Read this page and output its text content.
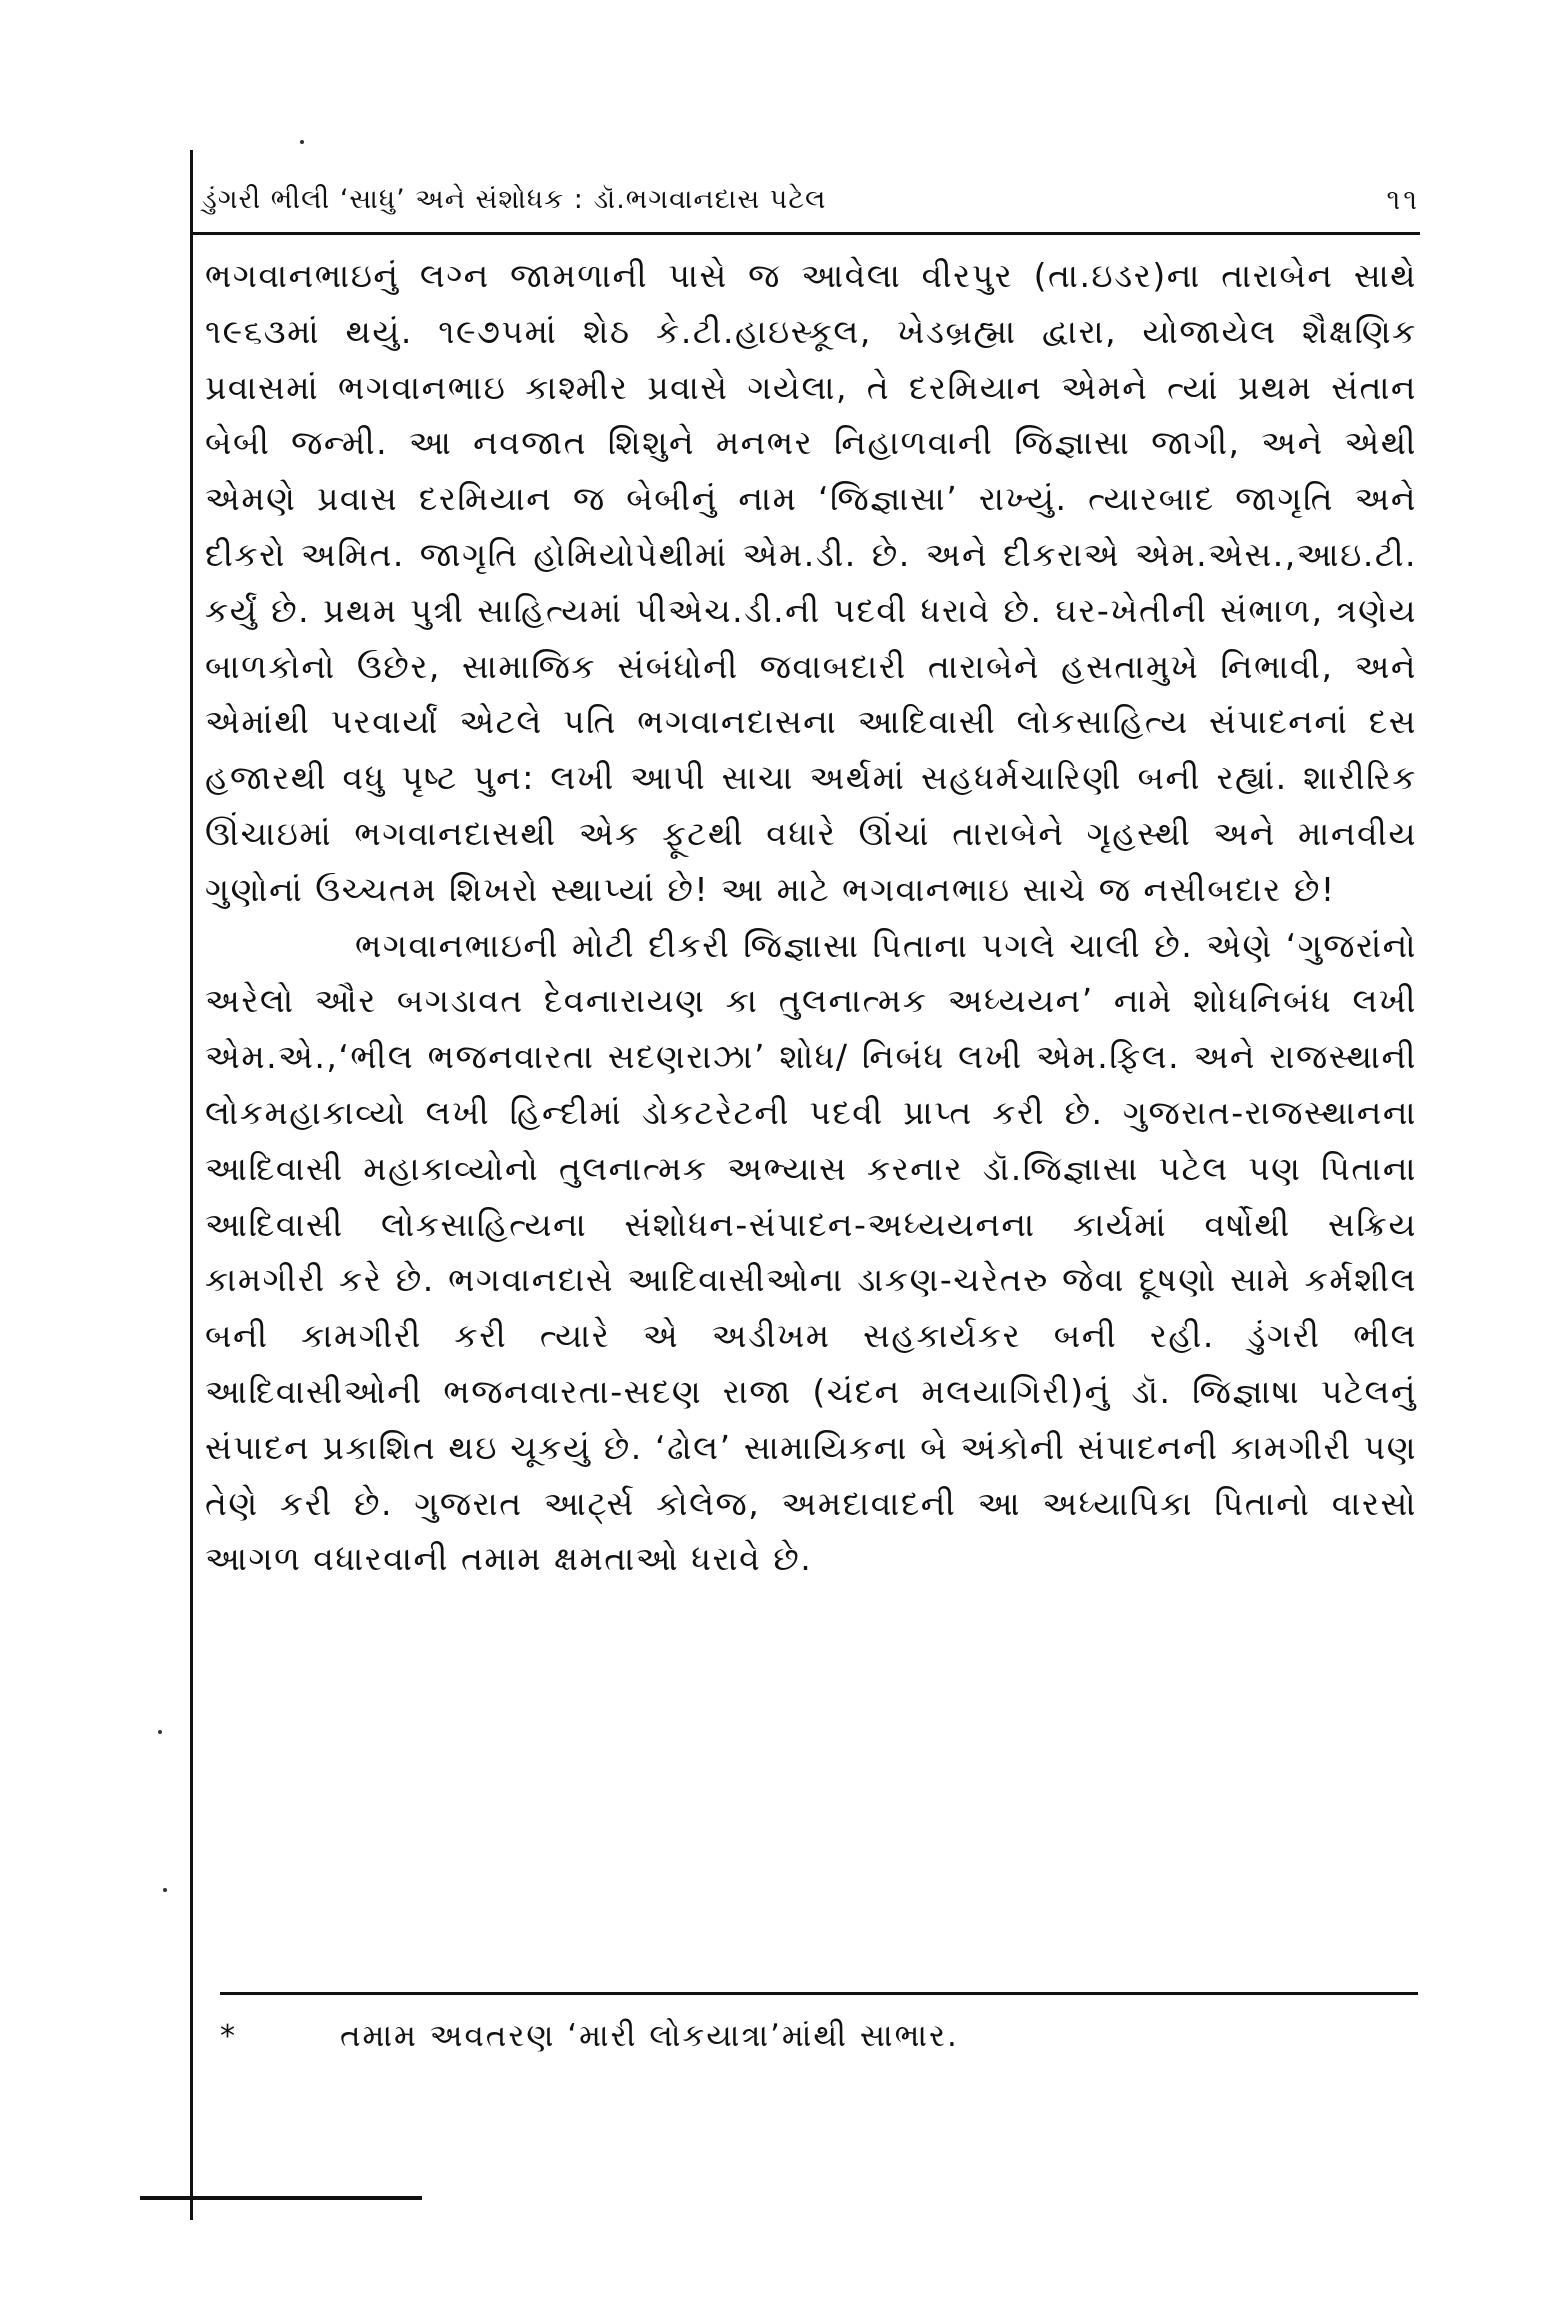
ડુંગરી ભીલી ‘સાધુ’ અને સંશોધક : ડૉ.ભગવાનદાસ પટેલ	૧૧

ભગવાનભાઇનું લગ્ન જામળાની પાસે જ આવેલા વીરપુર (તા.ઇડર)ના તારાબેન સાથે ૧૯૬૩માં થયું. ૧૯૭૫માં શેઠ કે.ટી.હાઇસ્કૂલ, ખેડબ્રહ્મા દ્વારા, યોજાયેલ શૈક્ષણિક પ્રવાસમાં ભગવાનભાઇ કાશ્મીર પ્રવાસે ગયેલા, તે દરમિયાન એમને ત્યાં પ્રથમ સંતાન બેબી જન્મી. આ નવજાત શિશુને મનભર નિહાળવાની જિજ્ઞાસા જાગી, અને એથી એમણે પ્રવાસ દરમિયાન જ બેબીનું નામ ‘જિજ્ઞાસા’ રાખ્યું. ત્યારબાદ જાગૃતિ અને દીકરો અમિત. જાગૃતિ હોમિયોપેથીમાં એમ.ડી. છે. અને દીકરાએ એમ.એસ.,આઇ.ટી. કર્યું છે. પ્રથમ પુત્રી સાહિત્યમાં પીએચ.ડી.ની પદવી ધરાવે છે. ઘર-ખેતીની સંભાળ, ત્રણેય બાળકોનો ઉછેર, સામાજિક સંબંધોની જવાબદારી તારાબેને હસતામુખે નિભાવી, અને એમાંથી પરવાર્યાં એટલે પતિ ભગવાનદાસના આદિવાસી લોકસાહિત્ય સંપાદનનાં દસ હજારથી વધુ પૃષ્ટ પુન: લખી આપી સાચા અર્થમાં સહધર્મચારિણી બની રહ્યાં. શારીરિક ઊંચાઇમાં ભગવાનદાસથી એક ફૂટથી વધારે ઊંચાં તારાબેને ગૃહસ્થી અને માનવીય ગુણોનાં ઉચ્ચતમ શિખરો સ્થાપ્યાં છે! આ માટે ભગવાનભાઇ સાચે જ નસીબદાર છે!

ભગવાનભાઇની મોટી દીકરી જિજ્ઞાસા પિતાના પગલે ચાલી છે. એણે ‘ગુજરાંનો અરેલો ઔર બગડાવત દેવનારાયણ કા તુલનાત્મક અધ્યયન’ નામે શોધનિબંધ લખી એમ.એ.,‘ભીલ ભજનવારતા સદણરાઝા’ શોધ/ નિબંધ લખી એમ.ફિલ. અને રાજસ્થાની લોકમહાકાવ્યો લખી હિન્દીમાં ડોકટરેટની પદવી પ્રાપ્ત કરી છે. ગુજરાત-રાજસ્થાનના આદિવાસી મહાકાવ્યોનો તુલનાત્મક અભ્યાસ કરનાર ડૉ.જિજ્ઞાસા પટેલ પણ પિતાના આદિવાસી લોકસાહિત્યના સંશોધન-સંપાદન-અધ્યયનના કાર્યમાં વર્ષોથી સક્રિય કામગીરી કરે છે. ભગવાનદાસે આદિવાસીઓના ડાકણ-ચરેતરુ જેવા દૂષણો સામે કર્મશીલ બની કામગીરી કરી ત્યારે એ અડીખમ સહકાર્યકર બની રહી. ડુંગરી ભીલ આદિવાસીઓની ભજનવારતા-સદણ રાજા (ચંદન મલયાગિરી)નું ડૉ. જિજ્ઞાષા પટેલનું સંપાદન પ્રકાશિત થઇ ચૂકયું છે. ‘ઢોલ’ સામાયિકના બે અંકોની સંપાદનની કામગીરી પણ તેણે કરી છે. ગુજરાત આર્ટ્સ કોલેજ, અમદાવાદની આ અધ્યાપિકા પિતાનો વારસો આગળ વધારવાની તમામ ક્ષમતાઓ ધરાવે છે.

*	તમામ અવતરણ ‘મારી લોકયાત્રા’માંથી સાભાર.
